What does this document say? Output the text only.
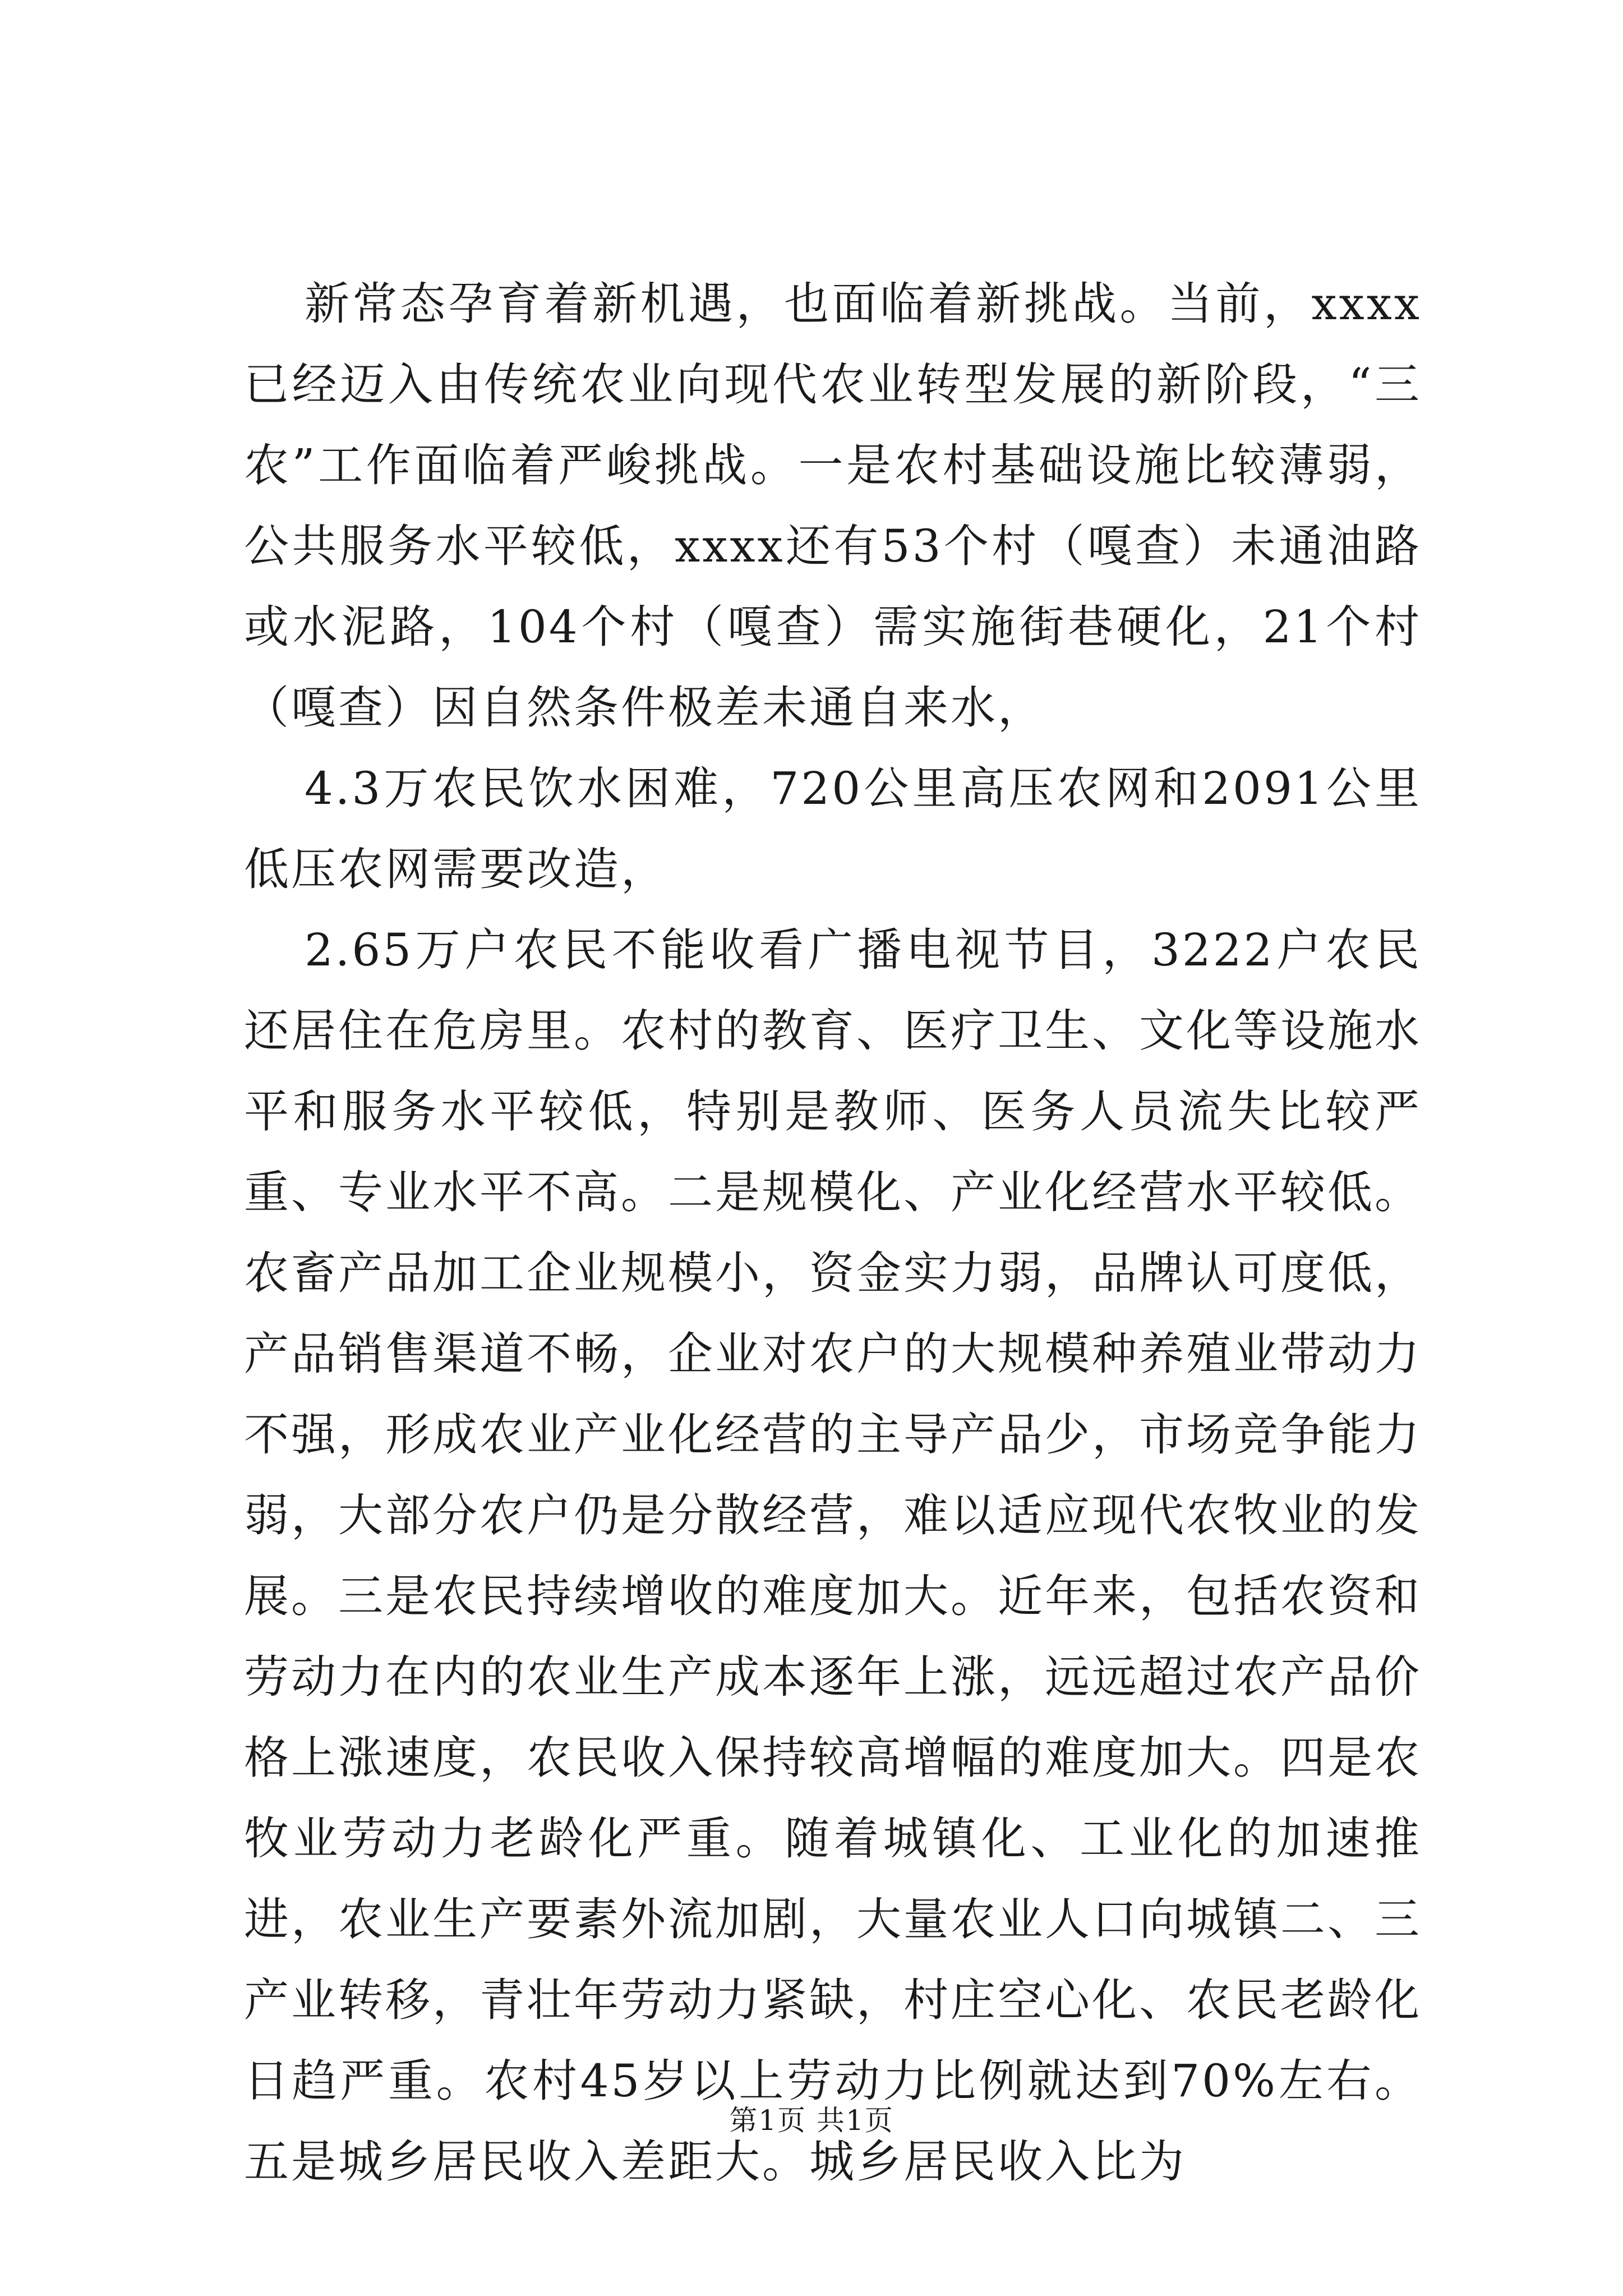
新常态孕育着新机遇，也面临着新挑战。当前，xxxx已经迈入由传统农业向现代农业转型发展的新阶段，“三农”工作面临着严峻挑战。一是农村基础设施比较薄弱，公共服务水平较低，xxxx还有53个村（嘎查）未通油路或水泥路，104个村（嘎查）需实施街巷硬化，21个村（嘎查）因自然条件极差未通自来水，

4.3万农民饮水困难，720公里高压农网和2091公里低压农网需要改造，

2.65万户农民不能收看广播电视节目，3222户农民还居住在危房里。农村的教育、医疗卫生、文化等设施水平和服务水平较低，特别是教师、医务人员流失比较严重、专业水平不高。二是规模化、产业化经营水平较低。农畜产品加工企业规模小，资金实力弱，品牌认可度低，产品销售渠道不畅，企业对农户的大规模种养殖业带动力不强，形成农业产业化经营的主导产品少，市场竞争能力弱，大部分农户仍是分散经营，难以适应现代农牧业的发展。三是农民持续增收的难度加大。近年来，包括农资和劳动力在内的农业生产成本逐年上涨，远远超过农产品价格上涨速度，农民收入保持较高增幅的难度加大。四是农牧业劳动力老龄化严重。随着城镇化、工业化的加速推进，农业生产要素外流加剧，大量农业人口向城镇二、三产业转移，青壮年劳动力紧缺，村庄空心化、农民老龄化日趋严重。农村45岁以上劳动力比例就达到70%左右。五是城乡居民收入差距大。城乡居民收入比为

第1页 共1页
